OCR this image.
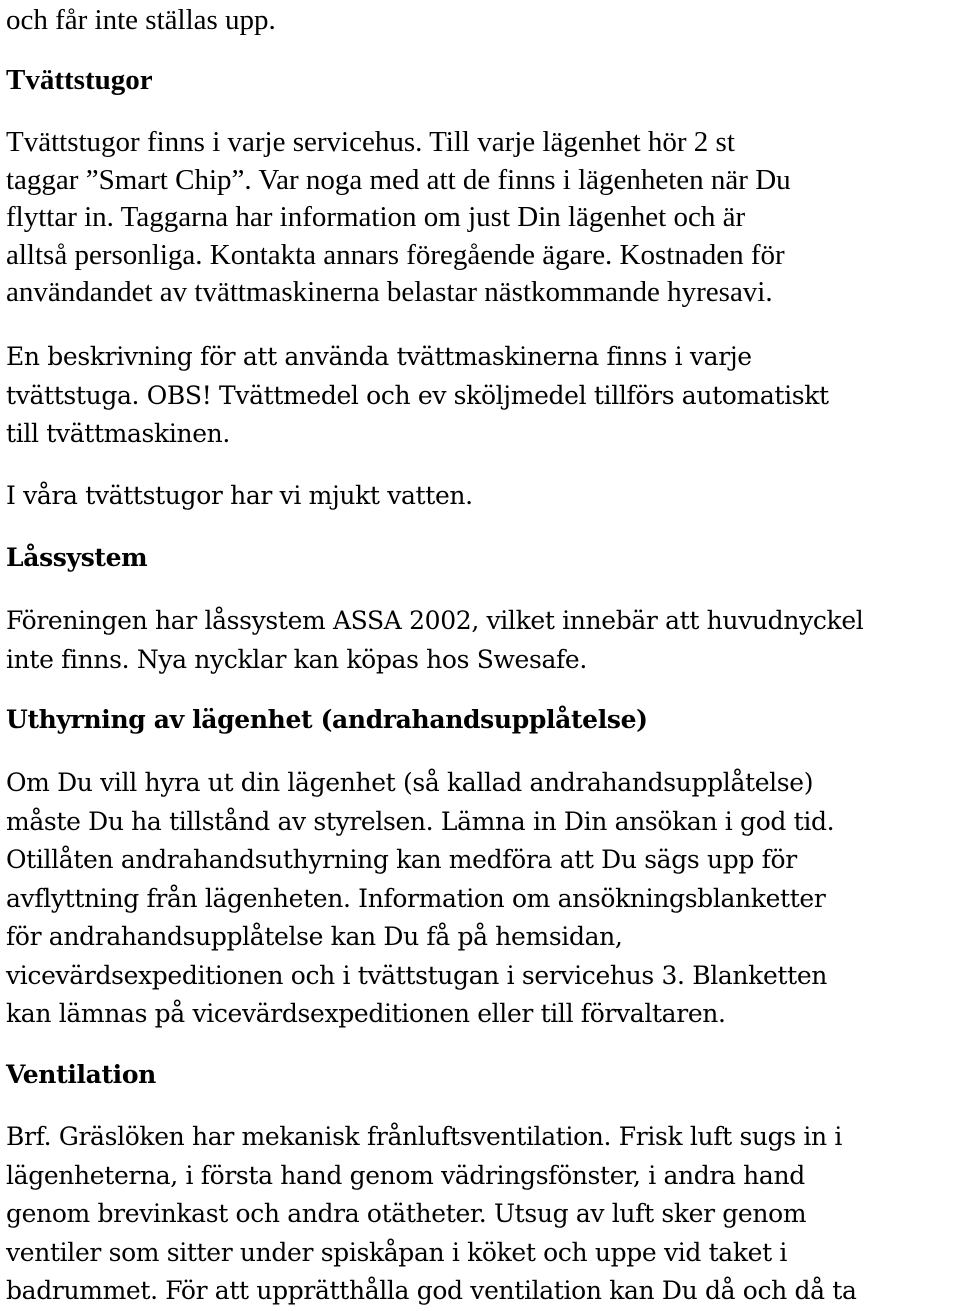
och får inte ställas upp.
Tvättstugor
Tvättstugor finns i varje servicehus. Till varje lägenhet hör 2 st
taggar ”Smart Chip”. Var noga med att de finns i lägenheten när Du
flyttar in. Taggarna har information om just Din lägenhet och är
alltså personliga. Kontakta annars föregående ägare. Kostnaden för
användandet av tvättmaskinerna belastar nästkommande hyresavi.
En beskrivning för att använda tvättmaskinerna finns i varje
tvättstuga. OBS! Tvättmedel och ev sköljmedel tillförs automatiskt
till tvättmaskinen.
I våra tvättstugor har vi mjukt vatten.
Låssystem
Föreningen har låssystem ASSA 2002, vilket innebär att huvudnyckel
inte finns. Nya nycklar kan köpas hos Swesafe.
Uthyrning av lägenhet (andrahandsupplåtelse)
Om Du vill hyra ut din lägenhet (så kallad andrahandsupplåtelse)
måste Du ha tillstånd av styrelsen. Lämna in Din ansökan i god tid.
Otillåten andrahandsuthyrning kan medföra att Du sägs upp för
avflyttning från lägenheten. Information om ansökningsblanketter
för andrahandsupplåtelse kan Du få på hemsidan,
vicevärdsexpeditionen och i tvättstugan i servicehus 3. Blanketten
kan lämnas på vicevärdsexpeditionen eller till förvaltaren.
Ventilation
Brf. Gräslöken har mekanisk frånluftsventilation. Frisk luft sugs in i
lägenheterna, i första hand genom vädringsfönster, i andra hand
genom brevinkast och andra otätheter. Utsug av luft sker genom
ventiler som sitter under spiskåpan i köket och uppe vid taket i
badrummet. För att upprätthålla god ventilation kan Du då och då ta
